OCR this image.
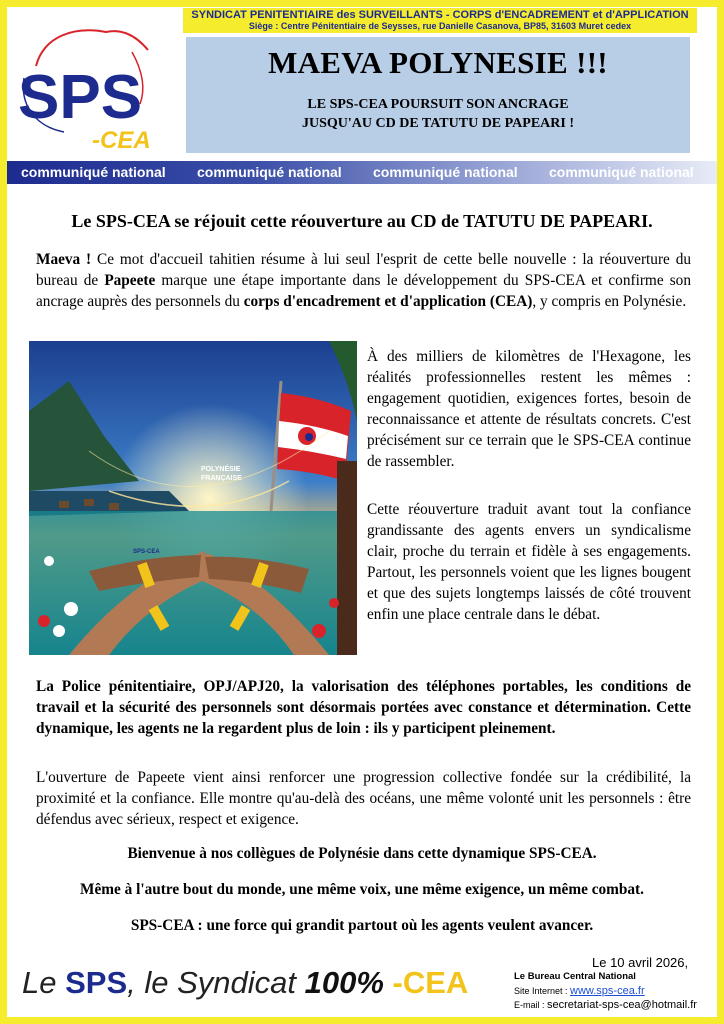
SYNDICAT PENITENTIAIRE des SURVEILLANTS - CORPS d'ENCADREMENT et d'APPLICATION
Siège : Centre Pénitentiaire de Seysses, rue Danielle Casanova, BP85, 31603 Muret cedex
SPS
-CEA
MAEVA POLYNESIE !!!
LE SPS-CEA POURSUIT SON ANCRAGE
JUSQU'AU CD DE TATUTU DE PAPEARI !
communiqué national communiqué national communiqué national communiqué national
Le SPS-CEA se réjouit cette réouverture au CD de TATUTU DE PAPEARI.
Maeva ! Ce mot d'accueil tahitien résume à lui seul l'esprit de cette belle nouvelle : la réouverture du bureau de Papeete marque une étape importante dans le développement du SPS-CEA et confirme son ancrage auprès des personnels du corps d'encadrement et d'application (CEA), y compris en Polynésie.
POLYNÉSIE
FRANÇAISE
SPS-CEA
À des milliers de kilomètres de l'Hexagone, les réalités professionnelles restent les mêmes : engagement quotidien, exigences fortes, besoin de reconnaissance et attente de résultats concrets. C'est précisément sur ce terrain que le SPS-CEA continue de rassembler.
Cette réouverture traduit avant tout la confiance grandissante des agents envers un syndicalisme clair, proche du terrain et fidèle à ses engagements. Partout, les personnels voient que les lignes bougent et que des sujets longtemps laissés de côté trouvent enfin une place centrale dans le débat.
La Police pénitentiaire, OPJ/APJ20, la valorisation des téléphones portables, les conditions de travail et la sécurité des personnels sont désormais portées avec constance et détermination. Cette dynamique, les agents ne la regardent plus de loin : ils y participent pleinement.
L'ouverture de Papeete vient ainsi renforcer une progression collective fondée sur la crédibilité, la proximité et la confiance. Elle montre qu'au-delà des océans, une même volonté unit les personnels : être défendus avec sérieux, respect et exigence.
Bienvenue à nos collègues de Polynésie dans cette dynamique SPS-CEA.
Même à l'autre bout du monde, une même voix, une même exigence, un même combat.
SPS-CEA : une force qui grandit partout où les agents veulent avancer.
Le SPS, le Syndicat 100% -CEA
Le 10 avril 2026,
Le Bureau Central National
Site Internet : www.sps-cea.fr
E-mail : secretariat-sps-cea@hotmail.fr
